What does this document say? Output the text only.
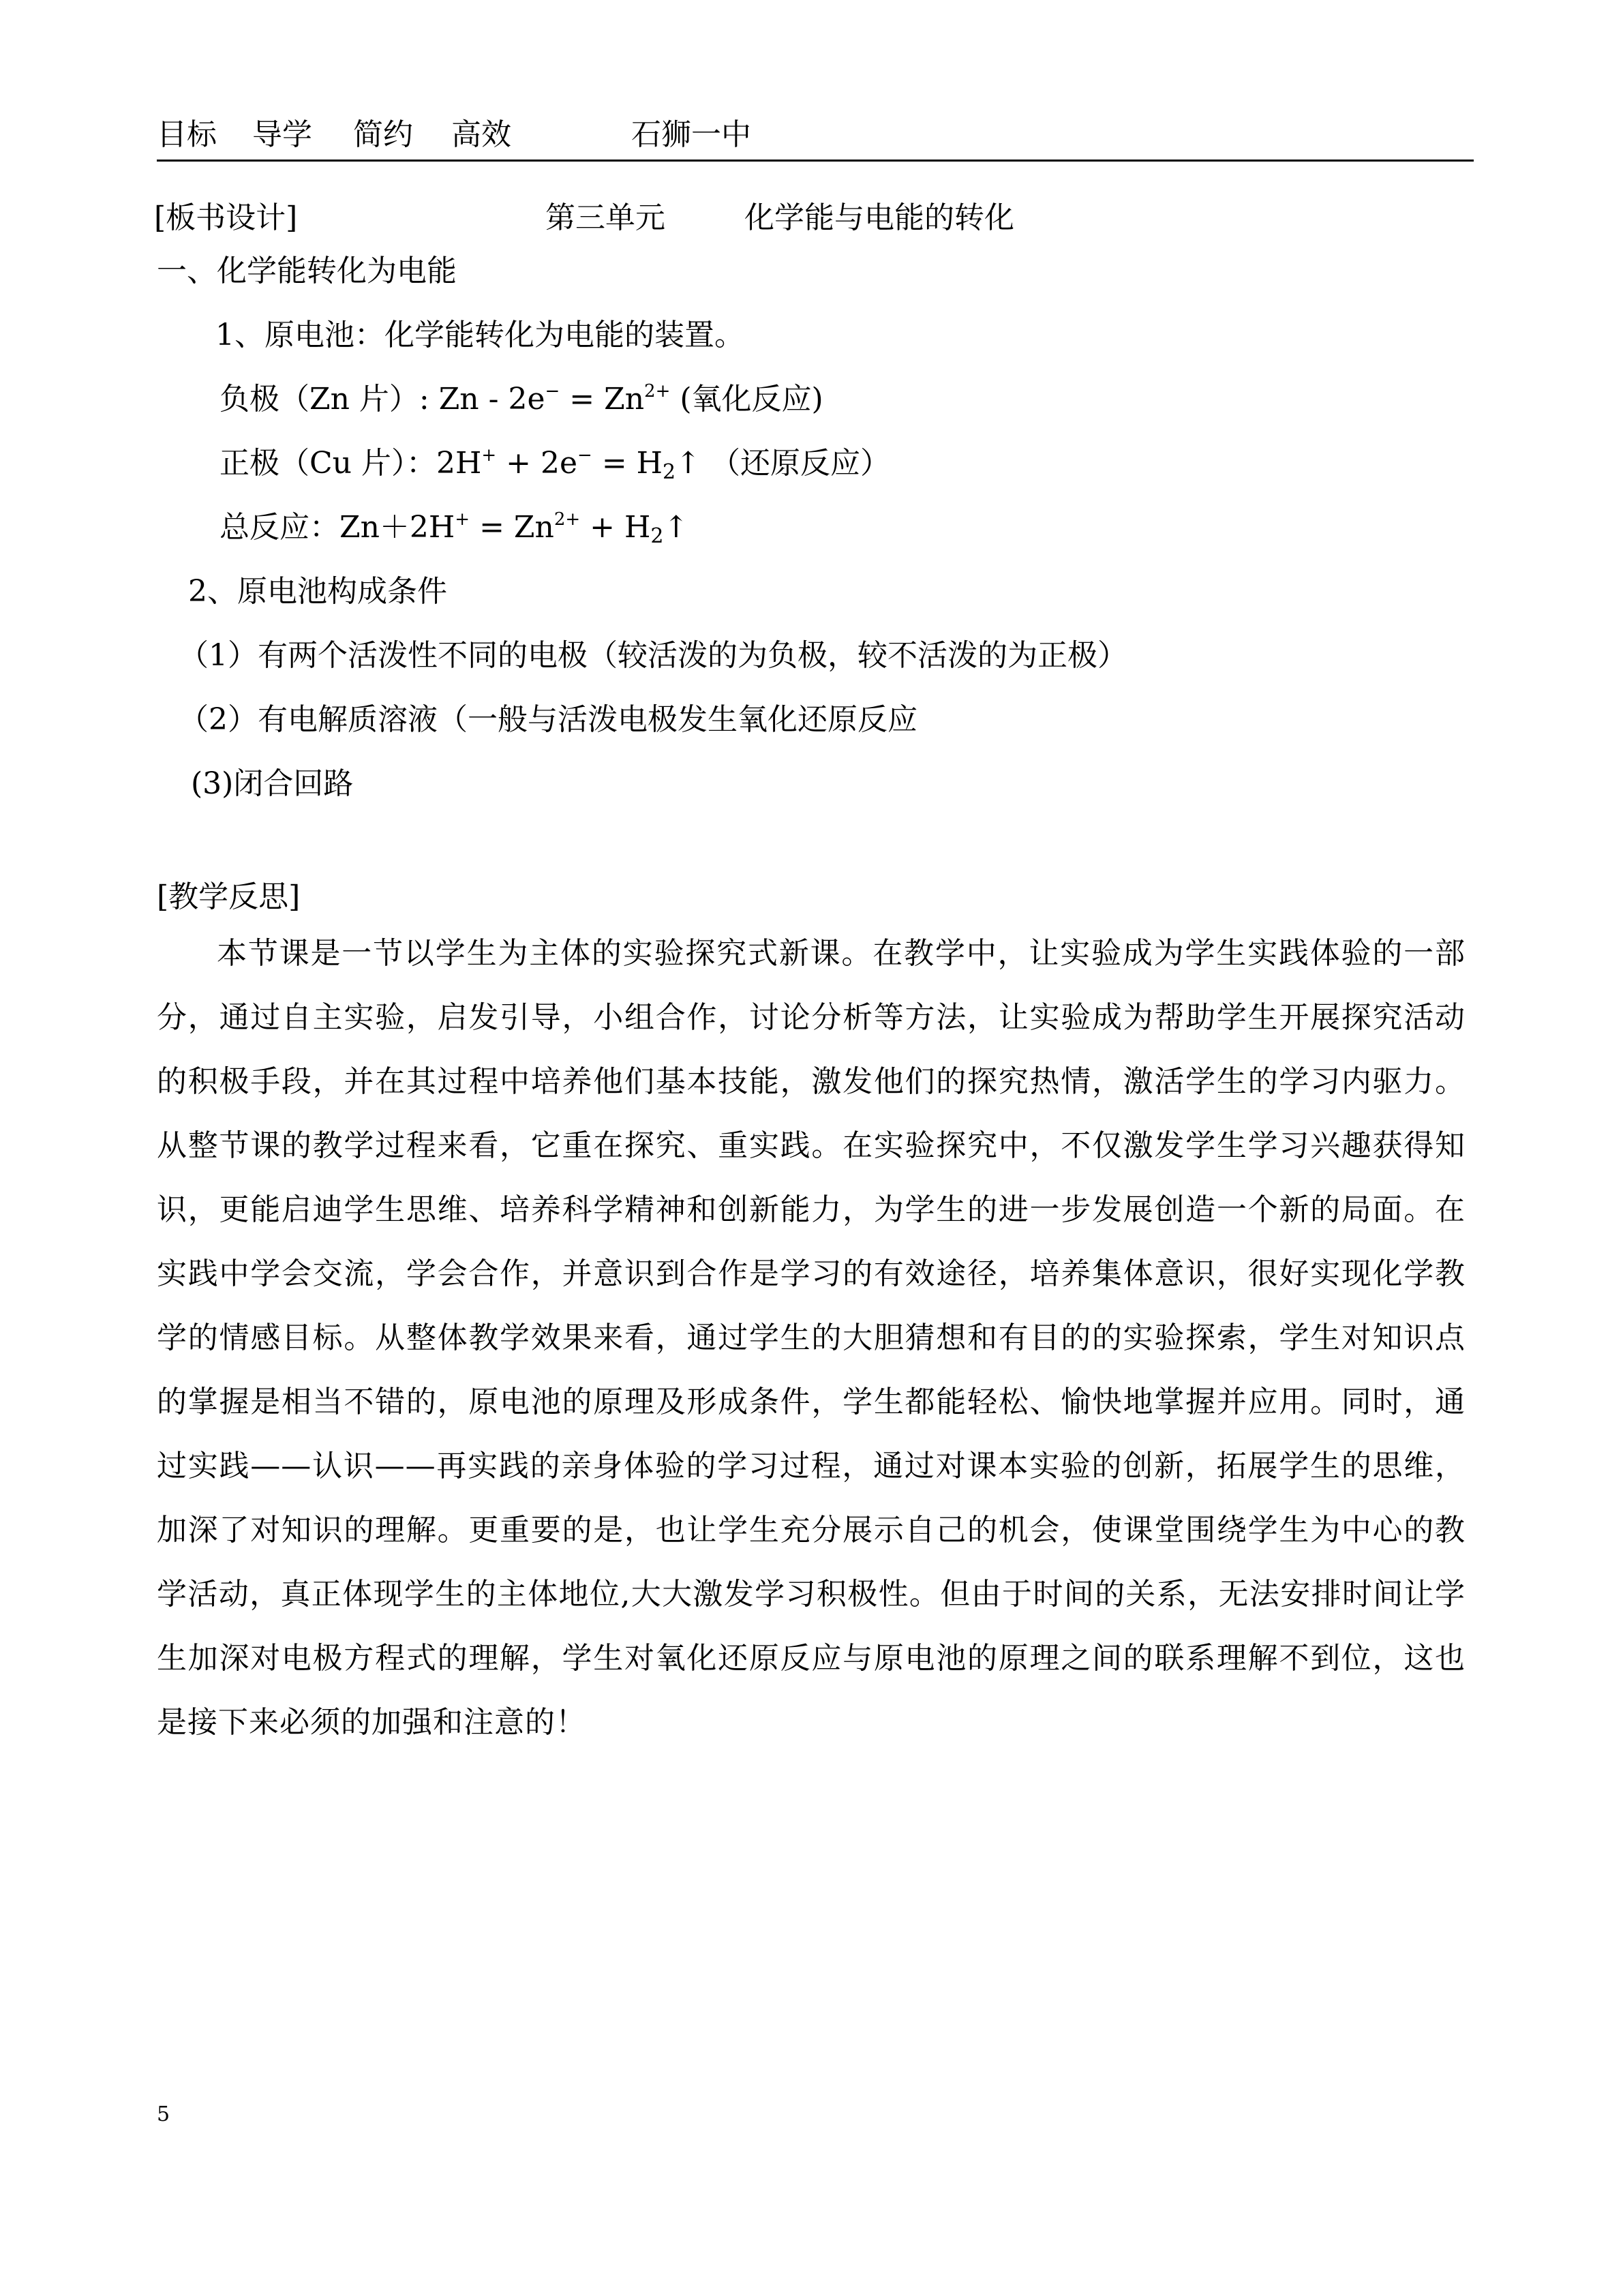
目标 导学 简约 高效	石狮一中
[板书设计]	第三单元	化学能与电能的转化
一、化学能转化为电能
1、原电池：化学能转化为电能的装置。
负极（Zn 片）: $Zn - 2e^- = Zn^{2+}$ (氧化反应)
正极（Cu 片）：$2H^+ + 2e^- = H_2↑$ （还原反应）
总反应：$Zn+2H^+ = Zn^{2+}$ + $H_2↑$
2、原电池构成条件
（1）有两个活泼性不同的电极（较活泼的为负极，较不活泼的为正极）
（2）有电解质溶液（一般与活泼电极发生氧化还原反应
(3)闭合回路
[教学反思]
本节课是一节以学生为主体的实验探究式新课。在教学中，让实验成为学生实践体验的一部分，通过自主实验，启发引导，小组合作，讨论分析等方法，让实验成为帮助学生开展探究活动的积极手段，并在其过程中培养他们基本技能，激发他们的探究热情，激活学生的学习内驱力。从整节课的教学过程来看，它重在探究、重实践。在实验探究中，不仅激发学生学习兴趣获得知识，更能启迪学生思维、培养科学精神和创新能力，为学生的进一步发展创造一个新的局面。在实践中学会交流，学会合作，并意识到合作是学习的有效途径，培养集体意识，很好实现化学教学的情感目标。从整体教学效果来看，通过学生的大胆猜想和有目的的实验探索，学生对知识点的掌握是相当不错的，原电池的原理及形成条件，学生都能轻松、愉快地掌握并应用。同时，通过实践——认识——再实践的亲身体验的学习过程，通过对课本实验的创新，拓展学生的思维，加深了对知识的理解。更重要的是，也让学生充分展示自己的机会，使课堂围绕学生为中心的教学活动，真正体现学生的主体地位,大大激发学习积极性。但由于时间的关系，无法安排时间让学生加深对电极方程式的理解，学生对氧化还原反应与原电池的原理之间的联系理解不到位，这也是接下来必须的加强和注意的！
5
